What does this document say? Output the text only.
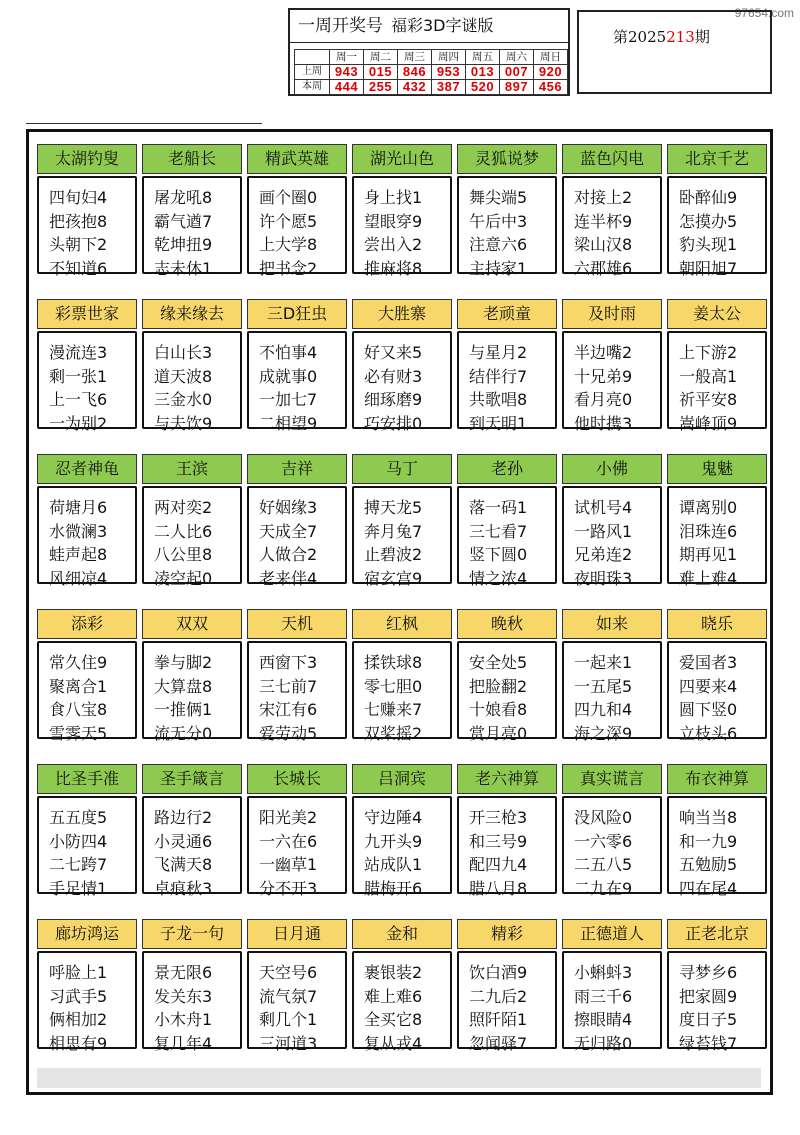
97654.com
一周开奖号 福彩3D字谜版
	周一	周二	周三	周四	周五	周六	周日
上周	943	015	846	953	013	007	920
本周	444	255	432	387	520	897	456
第2025213期
太湖钓叟
四旬妇4
把孩抱8
头朝下2
不知道6
老船长
屠龙吼8
霸气遒7
乾坤扭9
志未休1
精武英雄
画个圈0
许个愿5
上大学8
把书念2
湖光山色
身上找1
望眼穿9
尝出入2
推麻将8
灵狐说梦
舞尖端5
午后中3
注意六6
主持家1
蓝色闪电
对接上2
连半杯9
梁山汉8
六郡雄6
北京千艺
卧醉仙9
怎摸办5
豹头现1
朝阳旭7
彩票世家
漫流连3
剩一张1
上一飞6
一为别2
缘来缘去
白山长3
道天波8
三金水0
与夫饮9
三D狂虫
不怕事4
成就事0
一加七7
二相望9
大胜寨
好又来5
必有财3
细琢磨9
巧安排0
老顽童
与星月2
结伴行7
共歌唱8
到天明1
及时雨
半边嘴2
十兄弟9
看月亮0
他时携3
姜太公
上下游2
一般高1
祈平安8
嵩峰顶9
忍者神龟
荷塘月6
水微澜3
蛙声起8
风细凉4
王滨
两对奕2
二人比6
八公里8
凌空起0
吉祥
好姻缘3
天成全7
人做合2
老来伴4
马丁
搏天龙5
奔月兔7
止碧波2
宿玄宫9
老孙
落一码1
三七看7
竖下圆0
情之浓4
小佛
试机号4
一路风1
兄弟连2
夜明珠3
鬼魅
谭离别0
泪珠连6
期再见1
难上难4
添彩
常久住9
聚离合1
食八宝8
雪霁天5
双双
拳与脚2
大算盘8
一推俩1
流无分0
天机
西窗下3
三七前7
宋江有6
爱劳动5
红枫
揉铁球8
零七胆0
七赚来7
双桨摇2
晚秋
安全处5
把脸翻2
十娘看8
赏月亮0
如来
一起来1
一五尾5
四九和4
海之深9
晓乐
爱国者3
四要来4
圆下竖0
立枝头6
比圣手准
五五度5
小防四4
二七跨7
手足情1
圣手箴言
路边行2
小灵通6
飞满天8
卓痕秋3
长城长
阳光美2
一六在6
一幽草1
分不开3
吕洞宾
守边陲4
九开头9
站成队1
腊梅开6
老六神算
开三枪3
和三号9
配四九4
腊八月8
真实谎言
没风险0
一六零6
二五八5
二九在9
布衣神算
响当当8
和一九9
五勉励5
四在尾4
廊坊鸿运
呼脸上1
习武手5
俩相加2
相思有9
子龙一句
景无限6
发关东3
小木舟1
复几年4
日月通
天空号6
流气氛7
剩几个1
三河道3
金和
裹银装2
难上难6
全买它8
复从戎4
精彩
饮白酒9
二九后2
照阡陌1
忽闻驿7
正德道人
小蝌蚪3
雨三千6
擦眼睛4
无归路0
正老北京
寻梦乡6
把家圆9
度日子5
绿苔钱7
